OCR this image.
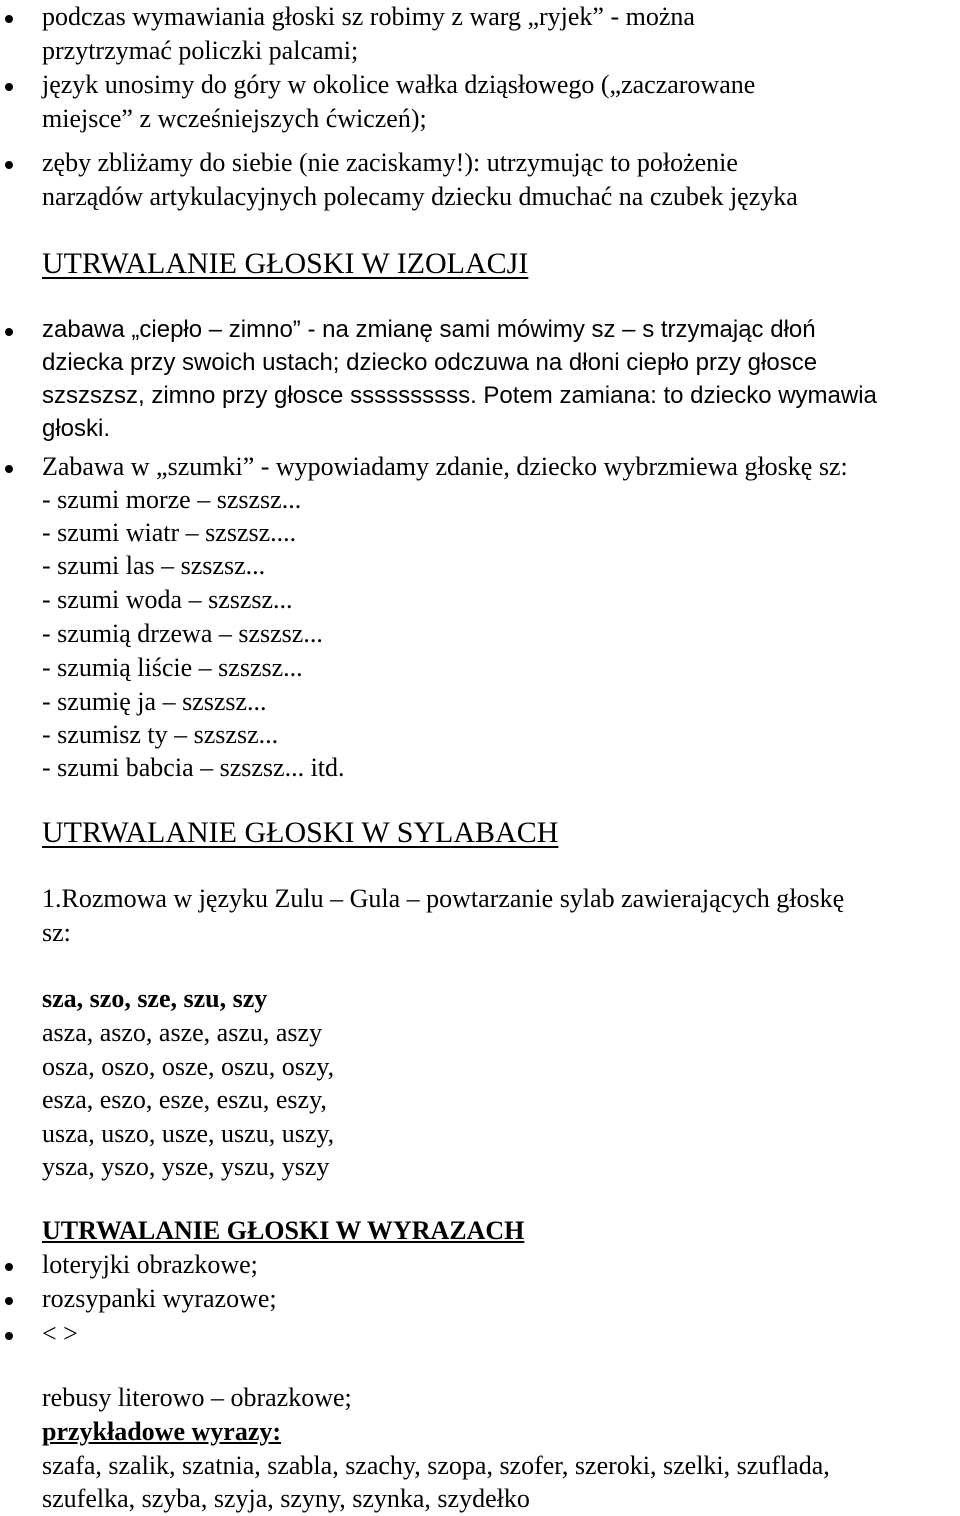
podczas wymawiania głoski sz robimy z warg „ryjek” - można
przytrzymać policzki palcami;
język unosimy do góry w okolice wałka dziąsłowego („zaczarowane
miejsce” z wcześniejszych ćwiczeń);
zęby zbliżamy do siebie (nie zaciskamy!): utrzymując to położenie
narządów artykulacyjnych polecamy dziecku dmuchać na czubek języka
UTRWALANIE GŁOSKI W IZOLACJI
zabawa „ciepło – zimno” - na zmianę sami mówimy sz – s trzymając dłoń
dziecka przy swoich ustach; dziecko odczuwa na dłoni ciepło przy głosce
szszszsz, zimno przy głosce ssssssssss. Potem zamiana: to dziecko wymawia
głoski.
Zabawa w „szumki” - wypowiadamy zdanie, dziecko wybrzmiewa głoskę sz:
- szumi morze – szszsz...
- szumi wiatr – szszsz....
- szumi las – szszsz...
- szumi woda – szszsz...
- szumią drzewa – szszsz...
- szumią liście – szszsz...
- szumię ja – szszsz...
- szumisz ty – szszsz...
- szumi babcia – szszsz... itd.
UTRWALANIE GŁOSKI W SYLABACH
1.Rozmowa w języku Zulu – Gula – powtarzanie sylab zawierających głoskę
sz:
sza, szo, sze, szu, szy
asza, aszo, asze, aszu, aszy
osza, oszo, osze, oszu, oszy,
esza, eszo, esze, eszu, eszy,
usza, uszo, usze, uszu, uszy,
ysza, yszo, ysze, yszu, yszy
UTRWALANIE GŁOSKI W WYRAZACH
loteryjki obrazkowe;
rozsypanki wyrazowe;
< >
rebusy literowo – obrazkowe;
przykładowe wyrazy:
szafa, szalik, szatnia, szabla, szachy, szopa, szofer, szeroki, szelki, szuflada,
szufelka, szyba, szyja, szyny, szynka, szydełko
